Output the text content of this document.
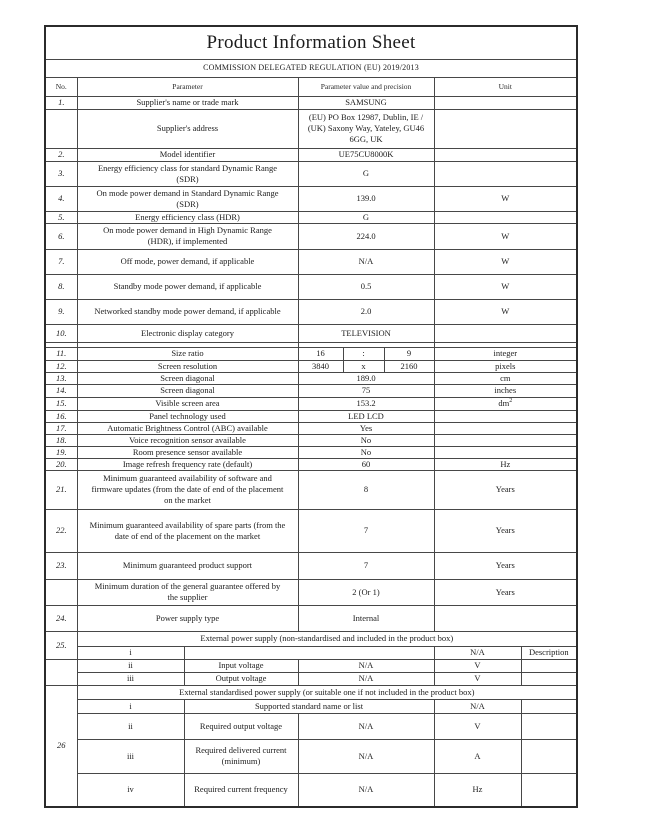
Product Information Sheet							
COMMISSION DELEGATED REGULATION (EU) 2019/2013							
No.	Parameter		Parameter value and precision			Unit	
1.	Supplier's name or trade mark		SAMSUNG				
	Supplier's address		(EU) PO Box 12987, Dublin, IE / (UK) Saxony Way, Yateley, GU46 6GG, UK				
2.	Model identifier		UE75CU8000K				
3.	Energy efficiency class for standard Dynamic Range (SDR)		G				
4.	On mode power demand in Standard Dynamic Range (SDR)		139.0			W	
5.	Energy efficiency class (HDR)		G				
6.	On mode power demand in High Dynamic Range (HDR), if implemented		224.0			W	
7.	Off mode, power demand, if applicable		N/A			W	
8.	Standby mode power demand, if applicable		0.5			W	
9.	Networked standby mode power demand, if applicable		2.0			W	
10.	Electronic display category		TELEVISION				

11.	Size ratio		16	:	9	integer	
12.	Screen resolution		3840	x	2160	pixels	
13.	Screen diagonal		189.0			cm	
14.	Screen diagonal		75			inches	
15.	Visible screen area		153.2			$dm^2$
16.	Panel technology used		LED LCD				
17.	Automatic Brightness Control (ABC) available		Yes				
18.	Voice recognition sensor available		No				
19.	Room presence sensor available		No				
20.	Image refresh frequency rate (default)		60			Hz	
21.	Minimum guaranteed availability of software and firmware updates (from the date of end of the placement on the market		8			Years	
22.	Minimum guaranteed availability of spare parts (from the date of end of the placement on the market		7			Years	
23.	Minimum guaranteed product support		7			Years	
	Minimum duration of the general guarantee offered by the supplier		2 (Or 1)			Years	
24.	Power supply type		Internal				
25.	External power supply (non-standardised and included in the product box)						
	i					N/A	Description
	ii	Input voltage	N/A			V	
	iii	Output voltage	N/A			V	
26	External standardised power supply (or suitable one if not included in the product box)						
	i	Supported standard name or list				N/A	
	ii	Required output voltage	N/A			V	
	iii	Required delivered current (minimum)	N/A			A	
	iv	Required current frequency	N/A			Hz	
